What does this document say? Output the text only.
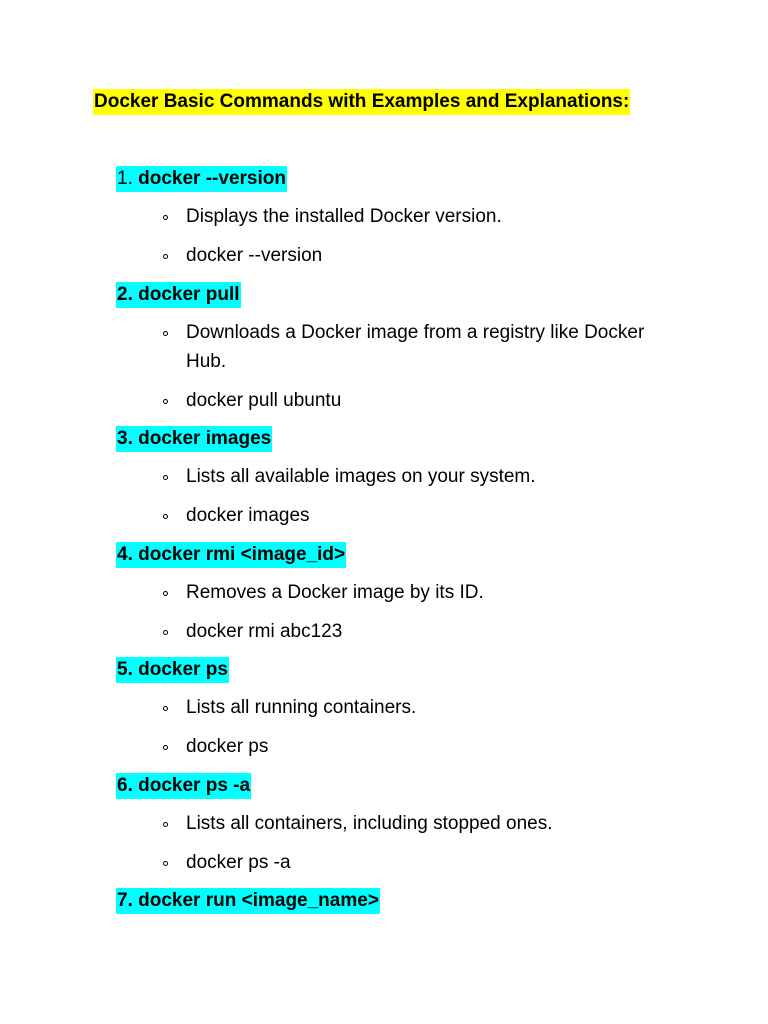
Docker Basic Commands with Examples and Explanations:
1. docker --version
Displays the installed Docker version.
docker --version
2. docker pull
Downloads a Docker image from a registry like Docker Hub.
docker pull ubuntu
3. docker images
Lists all available images on your system.
docker images
4. docker rmi <image_id>
Removes a Docker image by its ID.
docker rmi abc123
5. docker ps
Lists all running containers.
docker ps
6. docker ps -a
Lists all containers, including stopped ones.
docker ps -a
7. docker run <image_name>
